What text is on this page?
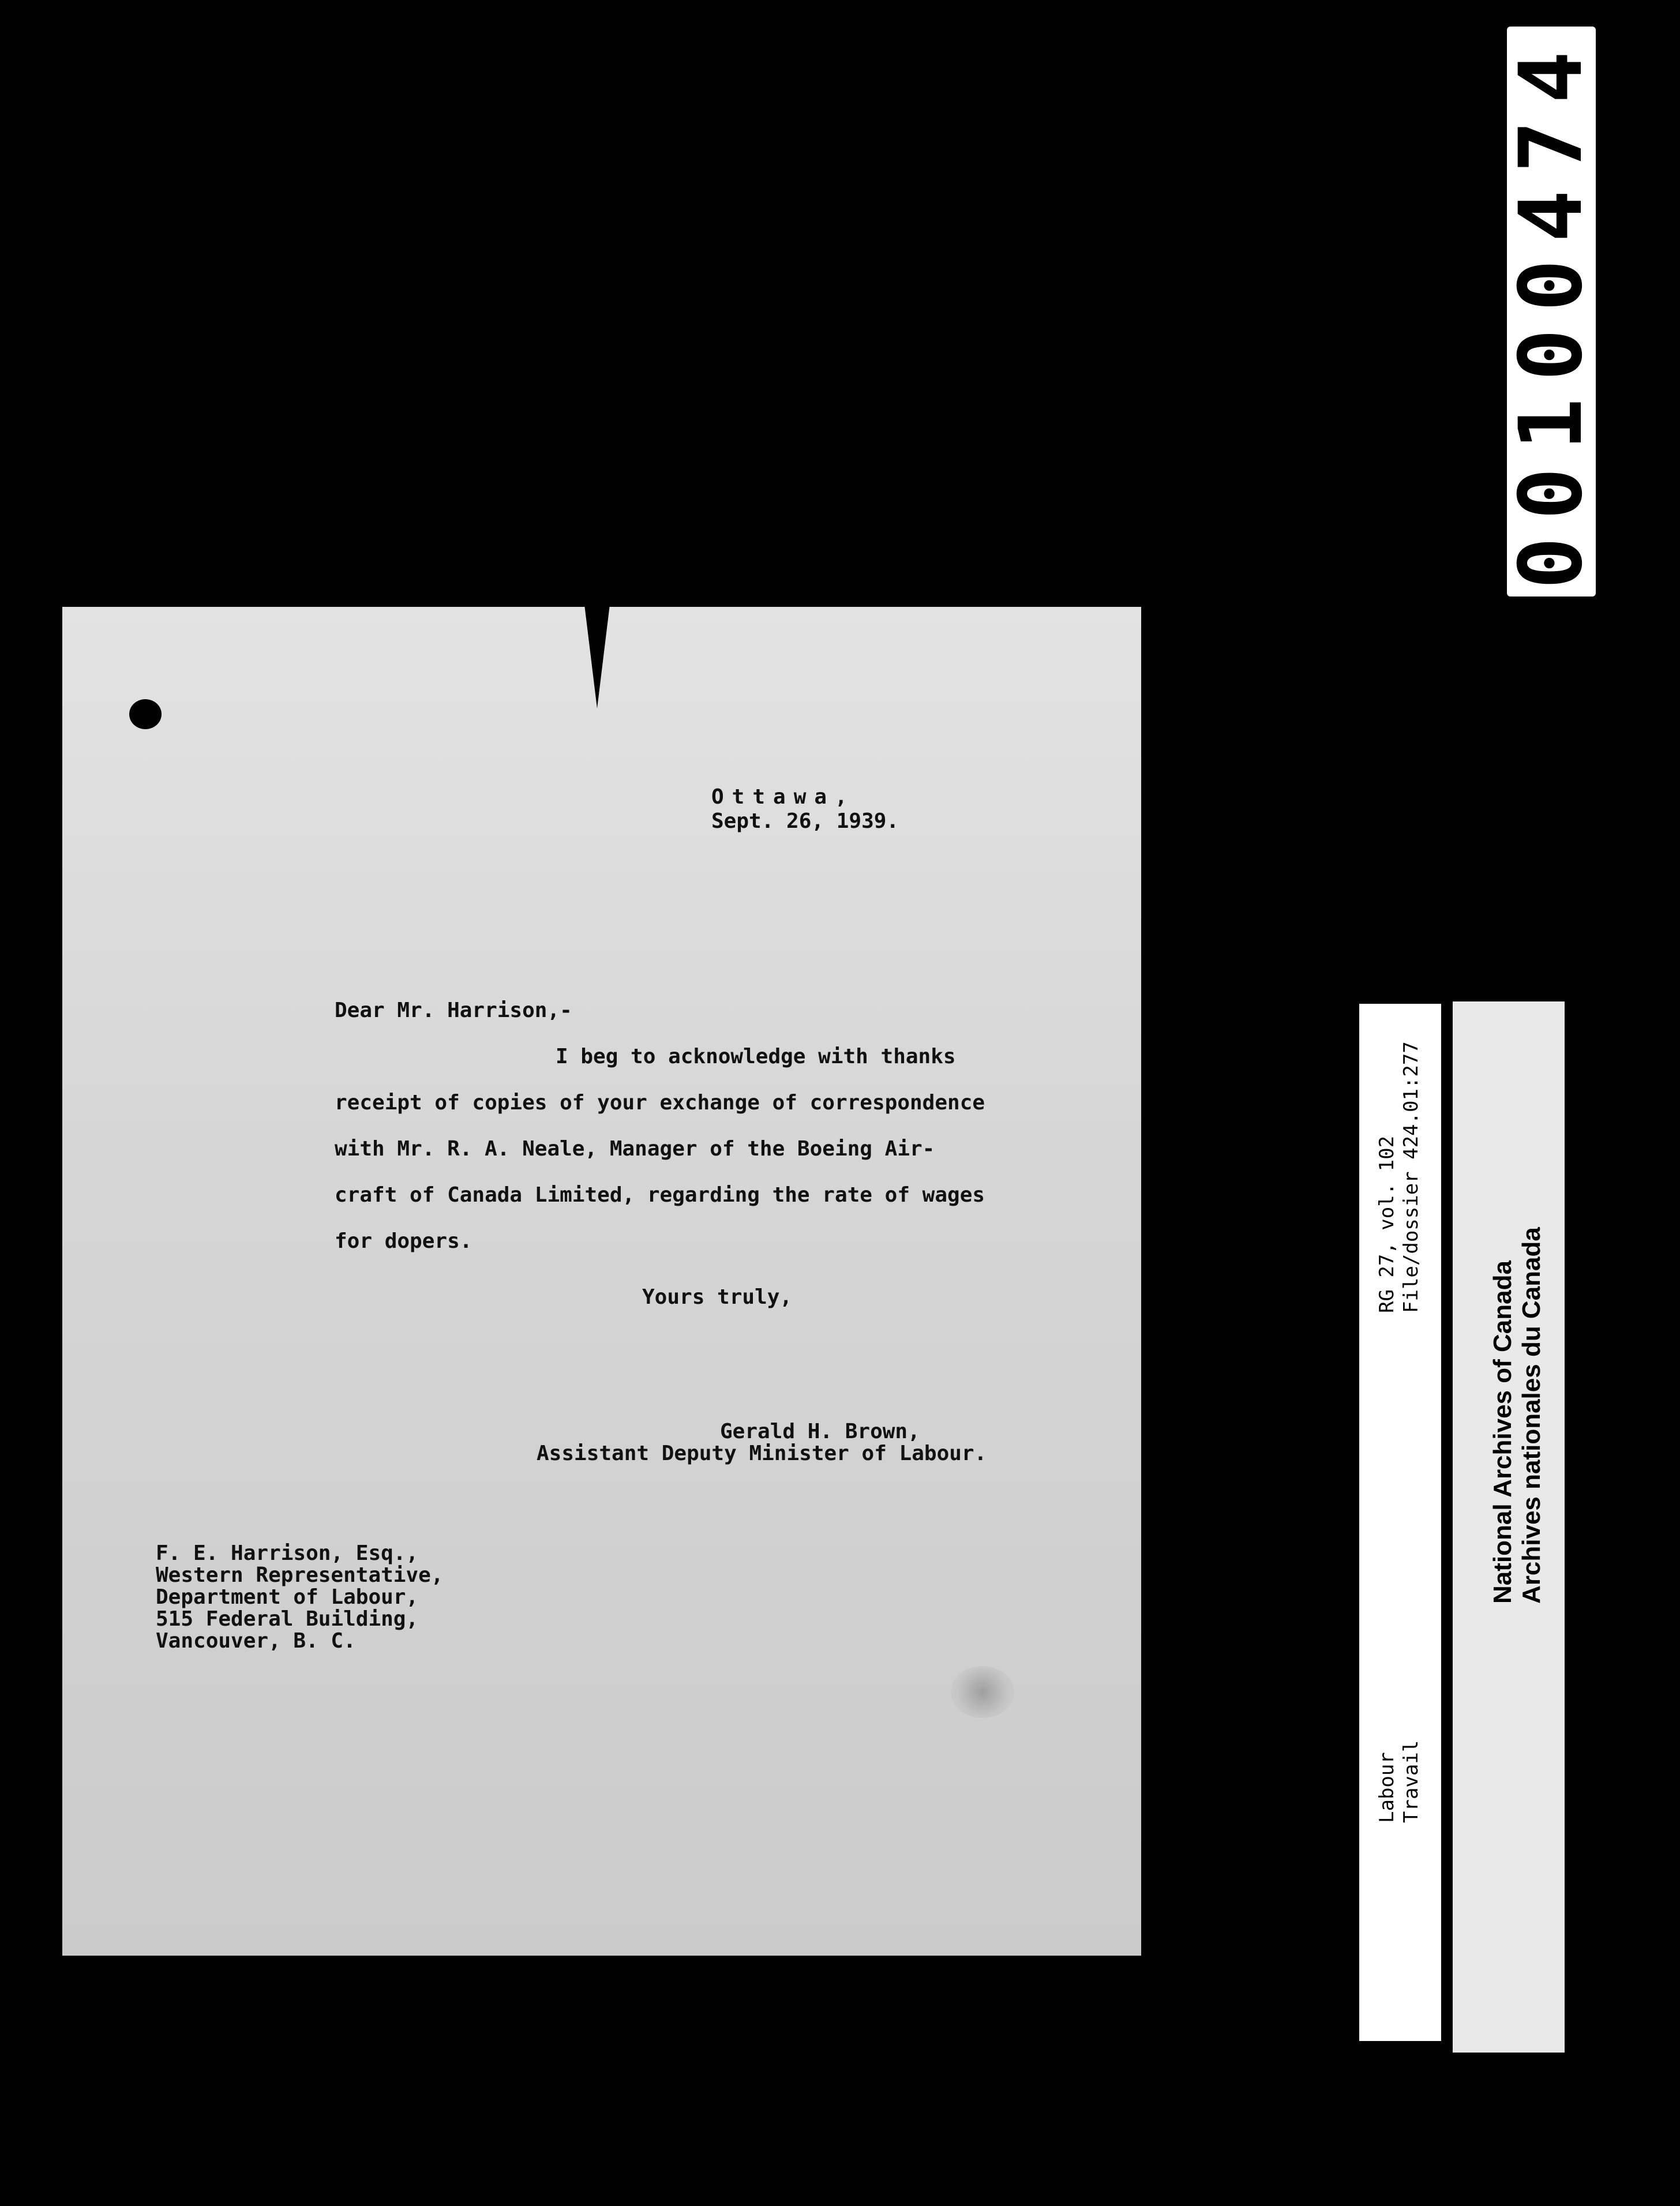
00100474
Ottawa,
Sept. 26, 1939.
Dear Mr. Harrison,-
I beg to acknowledge with thanks
receipt of copies of your exchange of correspondence
with Mr. R. A. Neale, Manager of the Boeing Air-
craft of Canada Limited, regarding the rate of wages
for dopers.
Yours truly,
Gerald H. Brown,
Assistant Deputy Minister of Labour.
F. E. Harrison, Esq.,
Western Representative,
Department of Labour,
515 Federal Building,
Vancouver, B. C.
RG 27, vol. 102 File/dossier 424.01:277
Labour Travail
National Archives of Canada Archives nationales du Canada
